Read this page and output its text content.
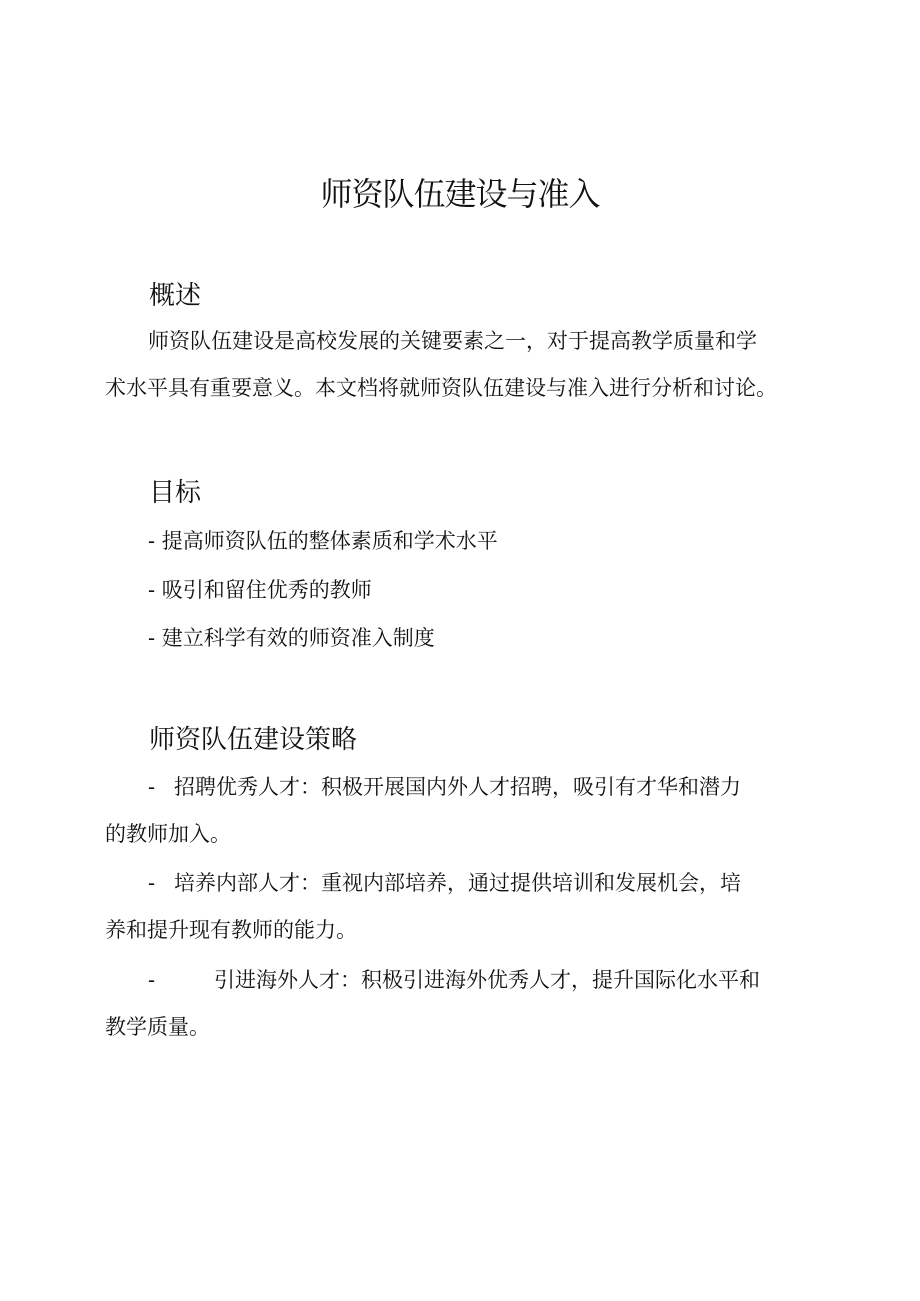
师资队伍建设与准入
概述

师资队伍建设是高校发展的关键要素之一，对于提高教学质量和学
术水平具有重要意义。本文档将就师资队伍建设与准入进行分析和讨论。

目标

- 提高师资队伍的整体素质和学术水平

- 吸引和留住优秀的教师

- 建立科学有效的师资准入制度

师资队伍建设策略

- 招聘优秀人才：积极开展国内外人才招聘，吸引有才华和潜力
的教师加入。

- 培养内部人才：重视内部培养，通过提供培训和发展机会，培
养和提升现有教师的能力。

-	引进海外人才：积极引进海外优秀人才，提升国际化水平和
教学质量。
